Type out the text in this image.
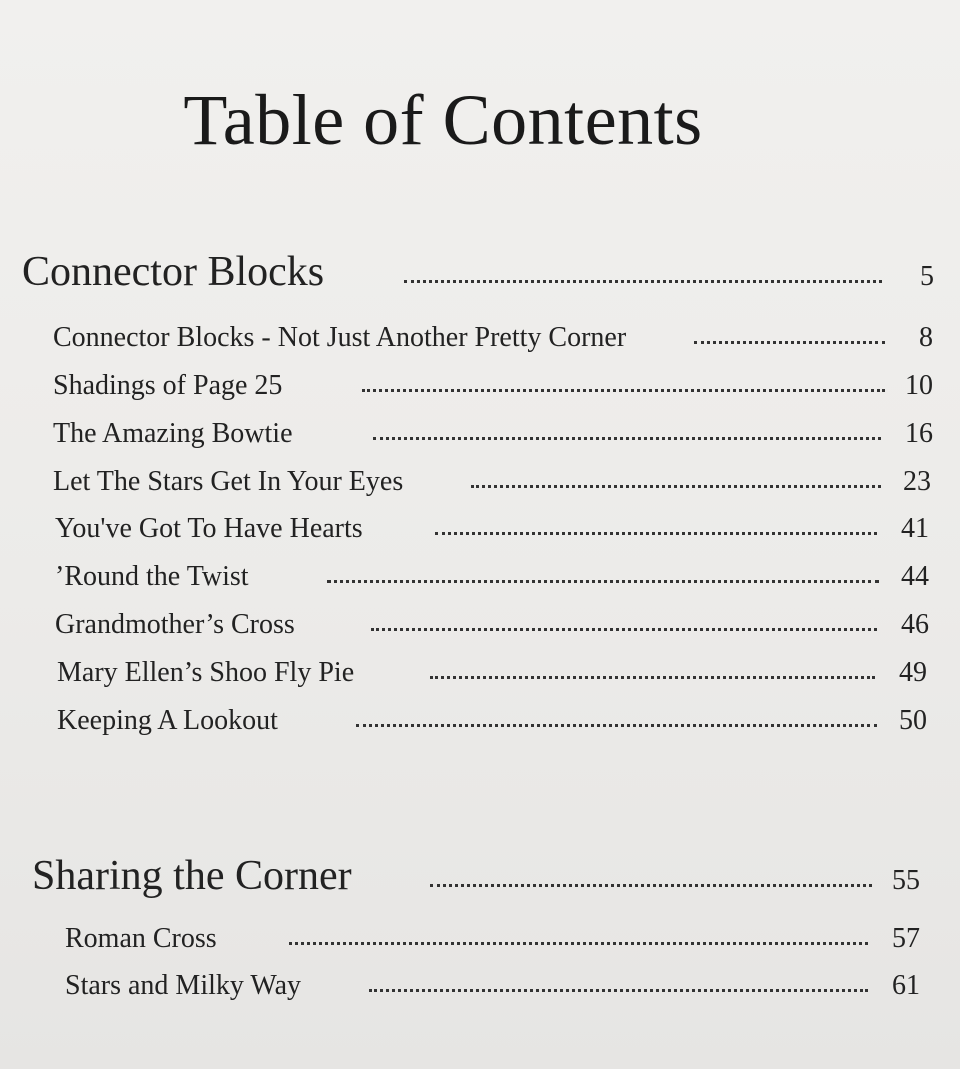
Table of Contents
Connector Blocks	5
Connector Blocks - Not Just Another Pretty Corner	8
Shadings of Page 25	10
The Amazing Bowtie	16
Let The Stars Get In Your Eyes	23
You've Got To Have Hearts	41
’Round the Twist	44
Grandmother’s Cross	46
Mary Ellen’s Shoo Fly Pie	49
Keeping A Lookout	50
Sharing the Corner	55
Roman Cross	57
Stars and Milky Way	61
